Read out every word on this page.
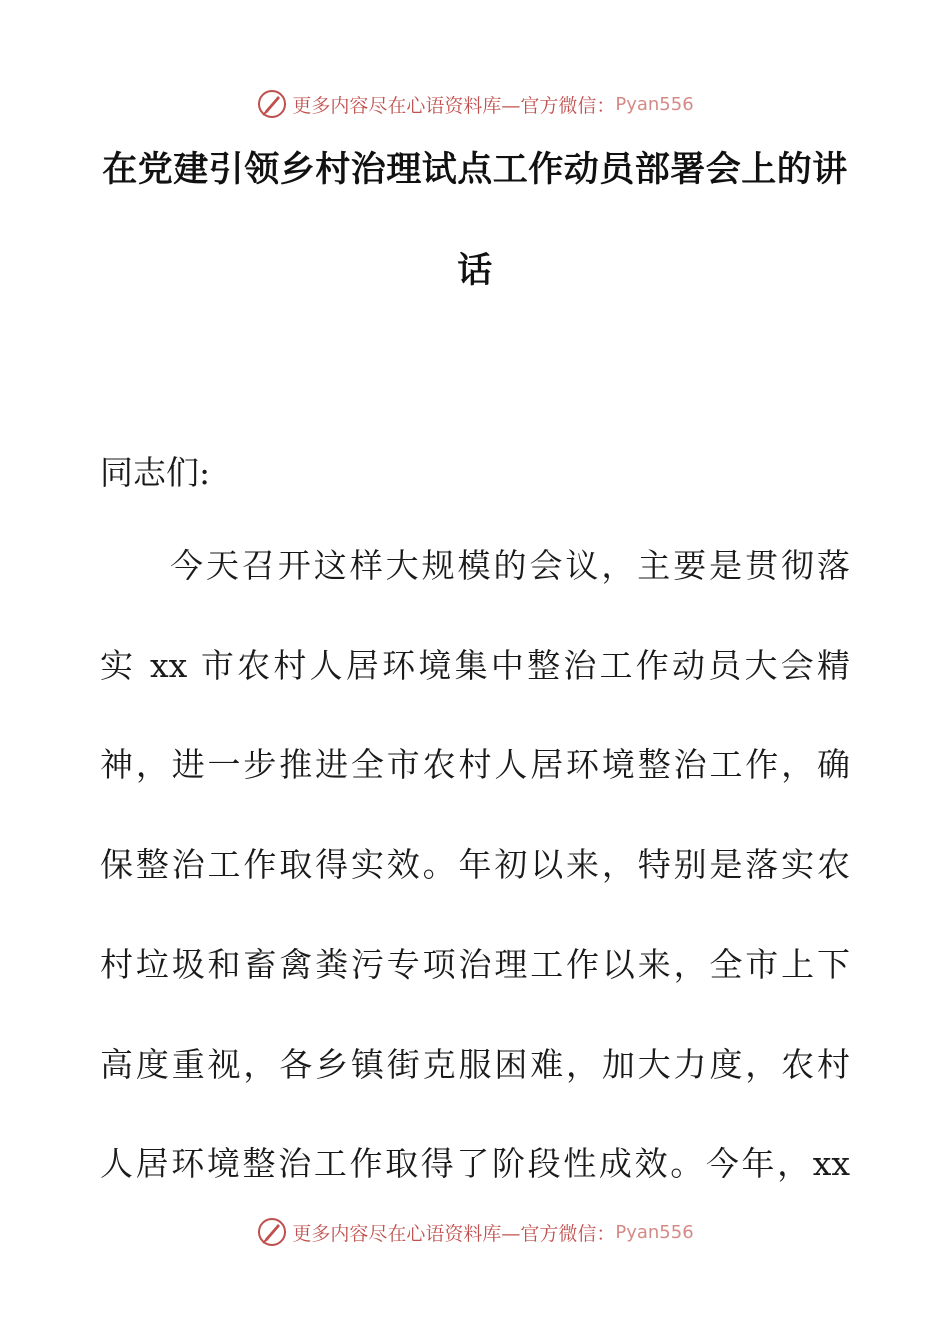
更多内容尽在心语资料库—官方微信： Pyan556
在党建引领乡村治理试点工作动员部署会上的讲
话

同志们:

今天召开这样大规模的会议，主要是贯彻落

实 xx 市农村人居环境集中整治工作动员大会精

神，进一步推进全市农村人居环境整治工作，确

保整治工作取得实效。年初以来，特别是落实农

村垃圾和畜禽粪污专项治理工作以来，全市上下

高度重视，各乡镇街克服困难，加大力度，农村

人居环境整治工作取得了阶段性成效。今年，xx

更多内容尽在心语资料库—官方微信： Pyan556
